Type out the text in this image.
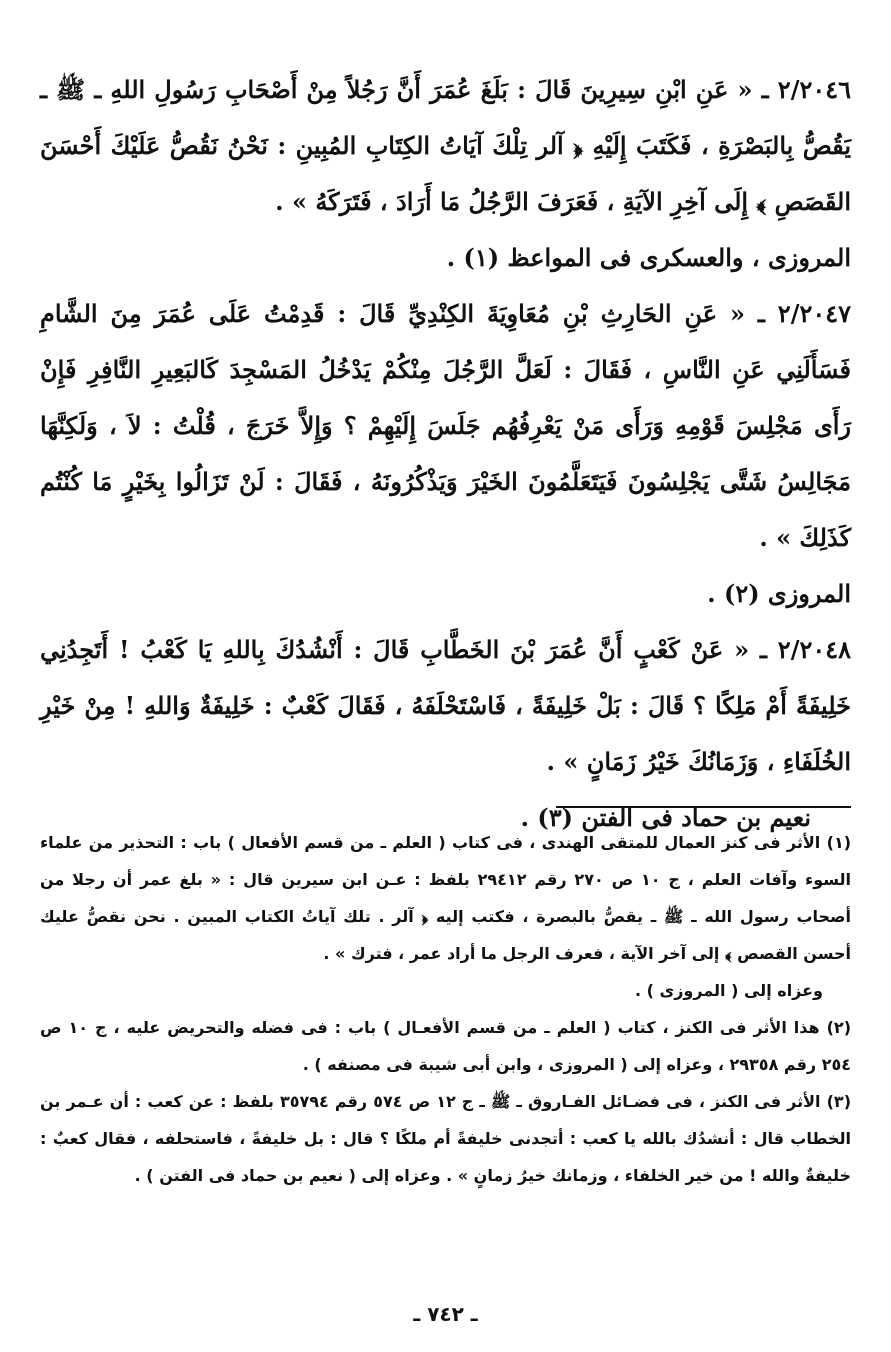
٢/٢٠٤٦ ـ « عَنِ ابْنِ سِيرِينَ قَالَ : بَلَغَ عُمَرَ أَنَّ رَجُلاً مِنْ أَصْحَابِ رَسُولِ اللهِ ـ ﷺ ـ يَقُصُّ بِالبَصْرَةِ ، فَكَتَبَ إِلَيْهِ ﴿ آلر تِلْكَ آيَاتُ الكِتَابِ المُبِينِ : نَحْنُ نَقُصُّ عَلَيْكَ أَحْسَنَ القَصَصِ ﴾ إِلَى آخِرِ الآيَةِ ، فَعَرَفَ الرَّجُلُ مَا أَرَادَ ، فَتَرَكَهُ » .

المروزى ، والعسكرى فى المواعظ (١) .

٢/٢٠٤٧ ـ « عَنِ الحَارِثِ بْنِ مُعَاوِيَةَ الكِنْدِيِّ قَالَ : قَدِمْتُ عَلَى عُمَرَ مِنَ الشَّامِ فَسَأَلَنِي عَنِ النَّاسِ ، فَقَالَ : لَعَلَّ الرَّجُلَ مِنْكُمْ يَدْخُلُ المَسْجِدَ كَالبَعِيرِ النَّافِرِ فَإِنْ رَأَى مَجْلِسَ قَوْمِهِ وَرَأَى مَنْ يَعْرِفُهُم جَلَسَ إِلَيْهِمْ ؟ وَإِلاَّ خَرَجَ ، قُلْتُ : لاَ ، وَلَكِنَّهَا مَجَالِسُ شَتَّى يَجْلِسُونَ فَيَتَعَلَّمُونَ الخَيْرَ وَيَذْكُرُونَهُ ، فَقَالَ : لَنْ تَزَالُوا بِخَيْرٍ مَا كُنْتُم كَذَلِكَ » .

المروزى (٢) .

٢/٢٠٤٨ ـ « عَنْ كَعْبٍ أَنَّ عُمَرَ بْنَ الخَطَّابِ قَالَ : أَنْشُدُكَ بِاللهِ يَا كَعْبُ ! أَتَجِدُنِي خَلِيفَةً أَمْ مَلِكًا ؟ قَالَ : بَلْ خَلِيفَةً ، فَاسْتَحْلَفَهُ ، فَقَالَ كَعْبٌ : خَلِيفَةٌ وَاللهِ ! مِنْ خَيْرِ الخُلَفَاءِ ، وَزَمَانُكَ خَيْرُ زَمَانٍ » .

نعيم بن حماد فى الفتن (٣) .

(١) الأثر فى كنز العمال للمتقى الهندى ، فى كتاب ( العلم ـ من قسم الأفعال ) باب : التحذير من علماء السوء وآفات العلم ، ج ١٠ ص ٢٧٠ رقم ٢٩٤١٢ بلفظ : عـن ابن سيرين قال : « بلغ عمر أن رجلا من أصحاب رسول الله ـ ﷺ ـ يقصُّ بالبصرة ، فكتب إليه ﴿ آلر . تلك آياتُ الكتاب المبين . نحن نقصُّ عليك أحسن القصص ﴾ إلى آخر الآية ، فعرف الرجل ما أراد عمر ، فترك » .

وعزاه إلى ( المروزى ) .

(٢) هذا الأثر فى الكنز ، كتاب ( العلم ـ من قسم الأفعـال ) باب : فى فضله والتحريض عليه ، ج ١٠ ص ٢٥٤ رقم ٢٩٣٥٨ ، وعزاه إلى ( المروزى ، وابن أبى شيبة فى مصنفه ) .

(٣) الأثر فى الكنز ، فى فضـائل الفـاروق ـ ﷺ ـ ج ١٢ ص ٥٧٤ رقم ٣٥٧٩٤ بلفظ : عن كعب : أن عـمر بن الخطاب قال : أنشدُك بالله يا كعب : أتجدنى خليفةً أم ملكًا ؟ قال : بل خليفةً ، فاستحلفه ، فقال كعبٌ : خليفةٌ والله ! من خير الخلفاء ، وزمانك خيرُ زمانٍ » . وعزاه إلى ( نعيم بن حماد فى الفتن ) .

ـ ٧٤٢ ـ
